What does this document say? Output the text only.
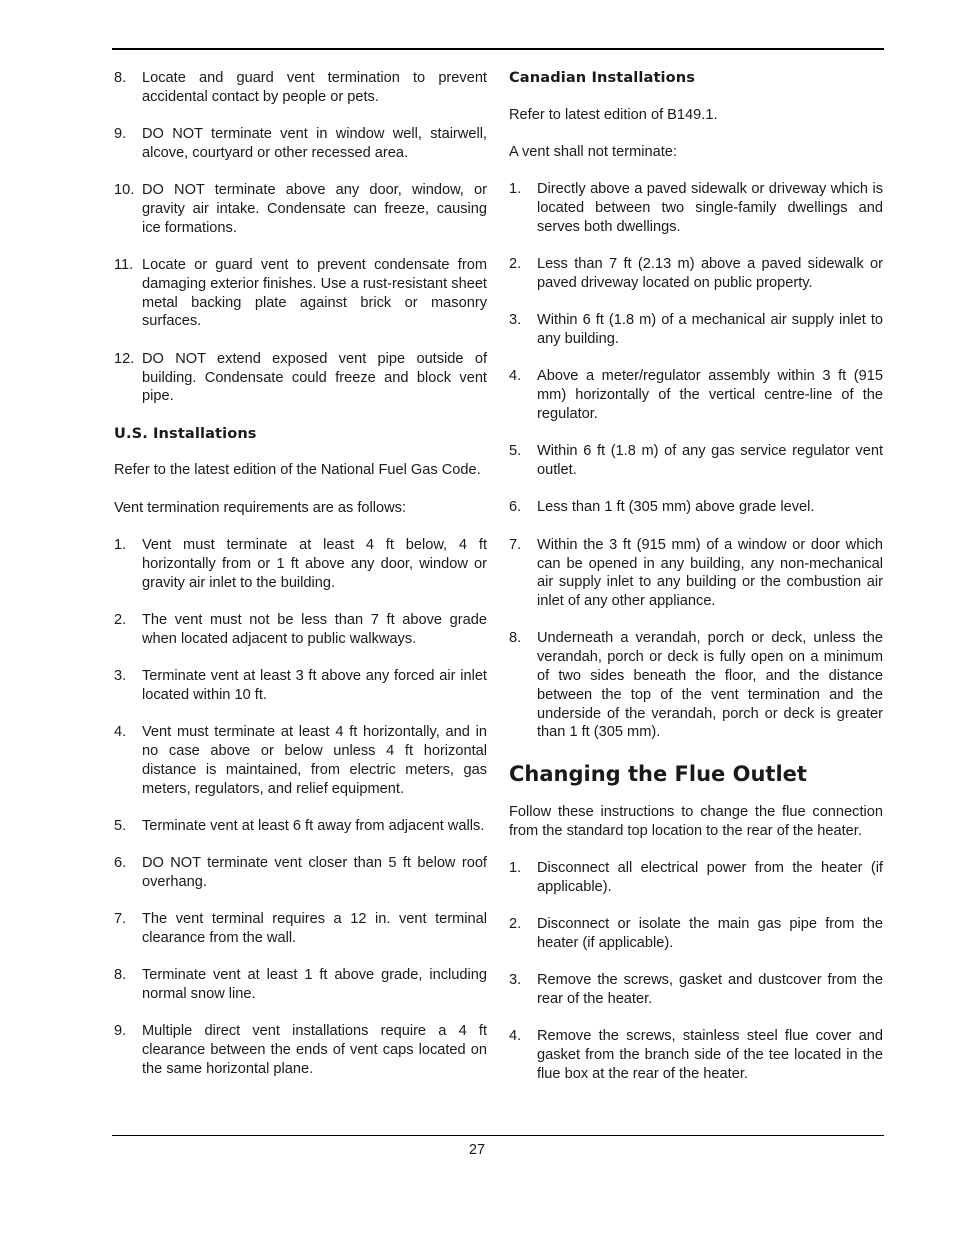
8. Locate and guard vent termination to prevent accidental contact by people or pets.
9. DO NOT terminate vent in window well, stairwell, alcove, courtyard or other recessed area.
10. DO NOT terminate above any door, window, or gravity air intake. Condensate can freeze, causing ice formations.
11. Locate or guard vent to prevent condensate from damaging exterior finishes. Use a rust-resistant sheet metal backing plate against brick or masonry surfaces.
12. DO NOT extend exposed vent pipe outside of building. Condensate could freeze and block vent pipe.
U.S. Installations

Refer to the latest edition of the National Fuel Gas Code.

Vent termination requirements are as follows:

1. Vent must terminate at least 4 ft below, 4 ft horizontally from or 1 ft above any door, window or gravity air inlet to the building.
2. The vent must not be less than 7 ft above grade when located adjacent to public walkways.
3. Terminate vent at least 3 ft above any forced air inlet located within 10 ft.
4. Vent must terminate at least 4 ft horizontally, and in no case above or below unless 4 ft horizontal distance is maintained, from electric meters, gas meters, regulators, and relief equipment.
5. Terminate vent at least 6 ft away from adjacent walls.
6. DO NOT terminate vent closer than 5 ft below roof overhang.
7. The vent terminal requires a 12 in. vent terminal clearance from the wall.
8. Terminate vent at least 1 ft above grade, including normal snow line.
9. Multiple direct vent installations require a 4 ft clearance between the ends of vent caps located on the same horizontal plane.
Canadian Installations

Refer to latest edition of B149.1.

A vent shall not terminate:

1. Directly above a paved sidewalk or driveway which is located between two single-family dwellings and serves both dwellings.
2. Less than 7 ft (2.13 m) above a paved sidewalk or paved driveway located on public property.
3. Within 6 ft (1.8 m) of a mechanical air supply inlet to any building.
4. Above a meter/regulator assembly within 3 ft (915 mm) horizontally of the vertical centre-line of the regulator.
5. Within 6 ft (1.8 m) of any gas service regulator vent outlet.
6. Less than 1 ft (305 mm) above grade level.
7. Within the 3 ft (915 mm) of a window or door which can be opened in any building, any non-mechanical air supply inlet to any building or the combustion air inlet of any other appliance.
8. Underneath a verandah, porch or deck, unless the verandah, porch or deck is fully open on a minimum of two sides beneath the floor, and the distance between the top of the vent termination and the underside of the verandah, porch or deck is greater than 1 ft (305 mm).
Changing the Flue Outlet

Follow these instructions to change the flue connection from the standard top location to the rear of the heater.

1. Disconnect all electrical power from the heater (if applicable).
2. Disconnect or isolate the main gas pipe from the heater (if applicable).
3. Remove the screws, gasket and dustcover from the rear of the heater.
4. Remove the screws, stainless steel flue cover and gasket from the branch side of the tee located in the flue box at the rear of the heater.
27
